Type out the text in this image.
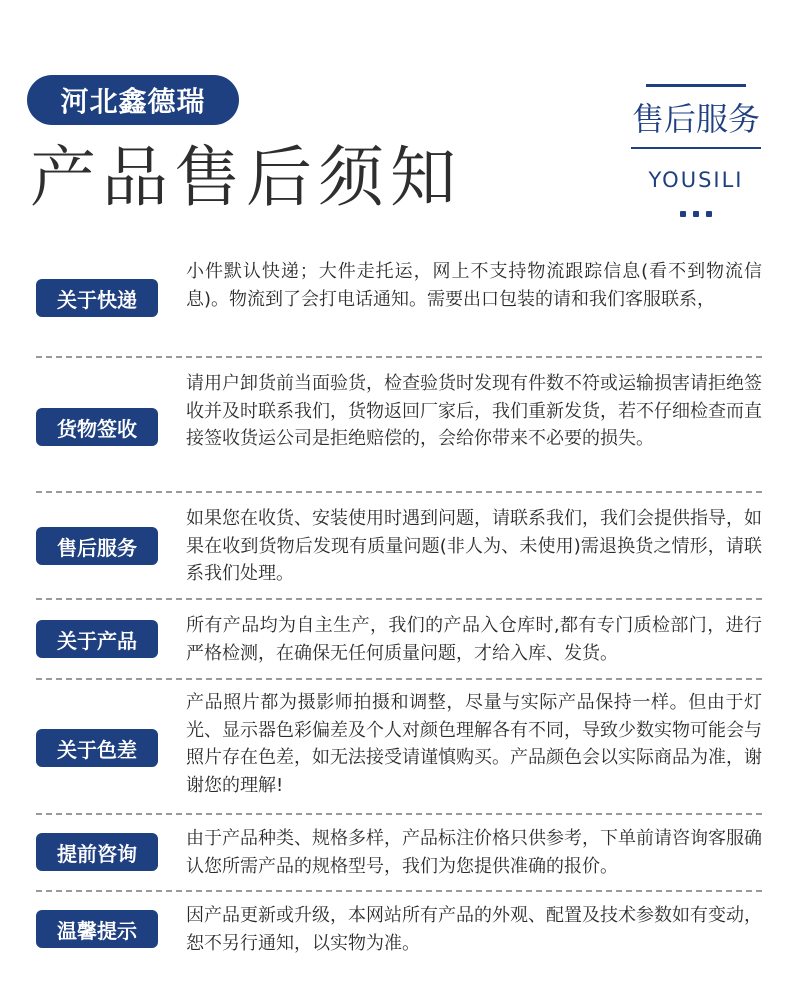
河北鑫德瑞
产品售后须知
售后服务
YOUSILI
关于快递
小件默认快递；大件走托运，网上不支持物流跟踪信息(看不到物流信息)。物流到了会打电话通知。需要出口包装的请和我们客服联系，
货物签收
请用户卸货前当面验货，检查验货时发现有件数不符或运输损害请拒绝签收并及时联系我们，货物返回厂家后，我们重新发货，若不仔细检查而直接签收货运公司是拒绝赔偿的，会给你带来不必要的损失。
售后服务
如果您在收货、安装使用时遇到问题，请联系我们，我们会提供指导，如果在收到货物后发现有质量问题(非人为、未使用)需退换货之情形，请联系我们处理。
关于产品
所有产品均为自主生产，我们的产品入仓库时,都有专门质检部门，进行严格检测，在确保无任何质量问题，才给入库、发货。
关于色差
产品照片都为摄影师拍摄和调整，尽量与实际产品保持一样。但由于灯光、显示器色彩偏差及个人对颜色理解各有不同，导致少数实物可能会与照片存在色差，如无法接受请谨慎购买。产品颜色会以实际商品为准，谢谢您的理解!
提前咨询
由于产品种类、规格多样，产品标注价格只供参考，下单前请咨询客服确认您所需产品的规格型号，我们为您提供准确的报价。
温馨提示
因产品更新或升级，本网站所有产品的外观、配置及技术参数如有变动，恕不另行通知，以实物为准。
